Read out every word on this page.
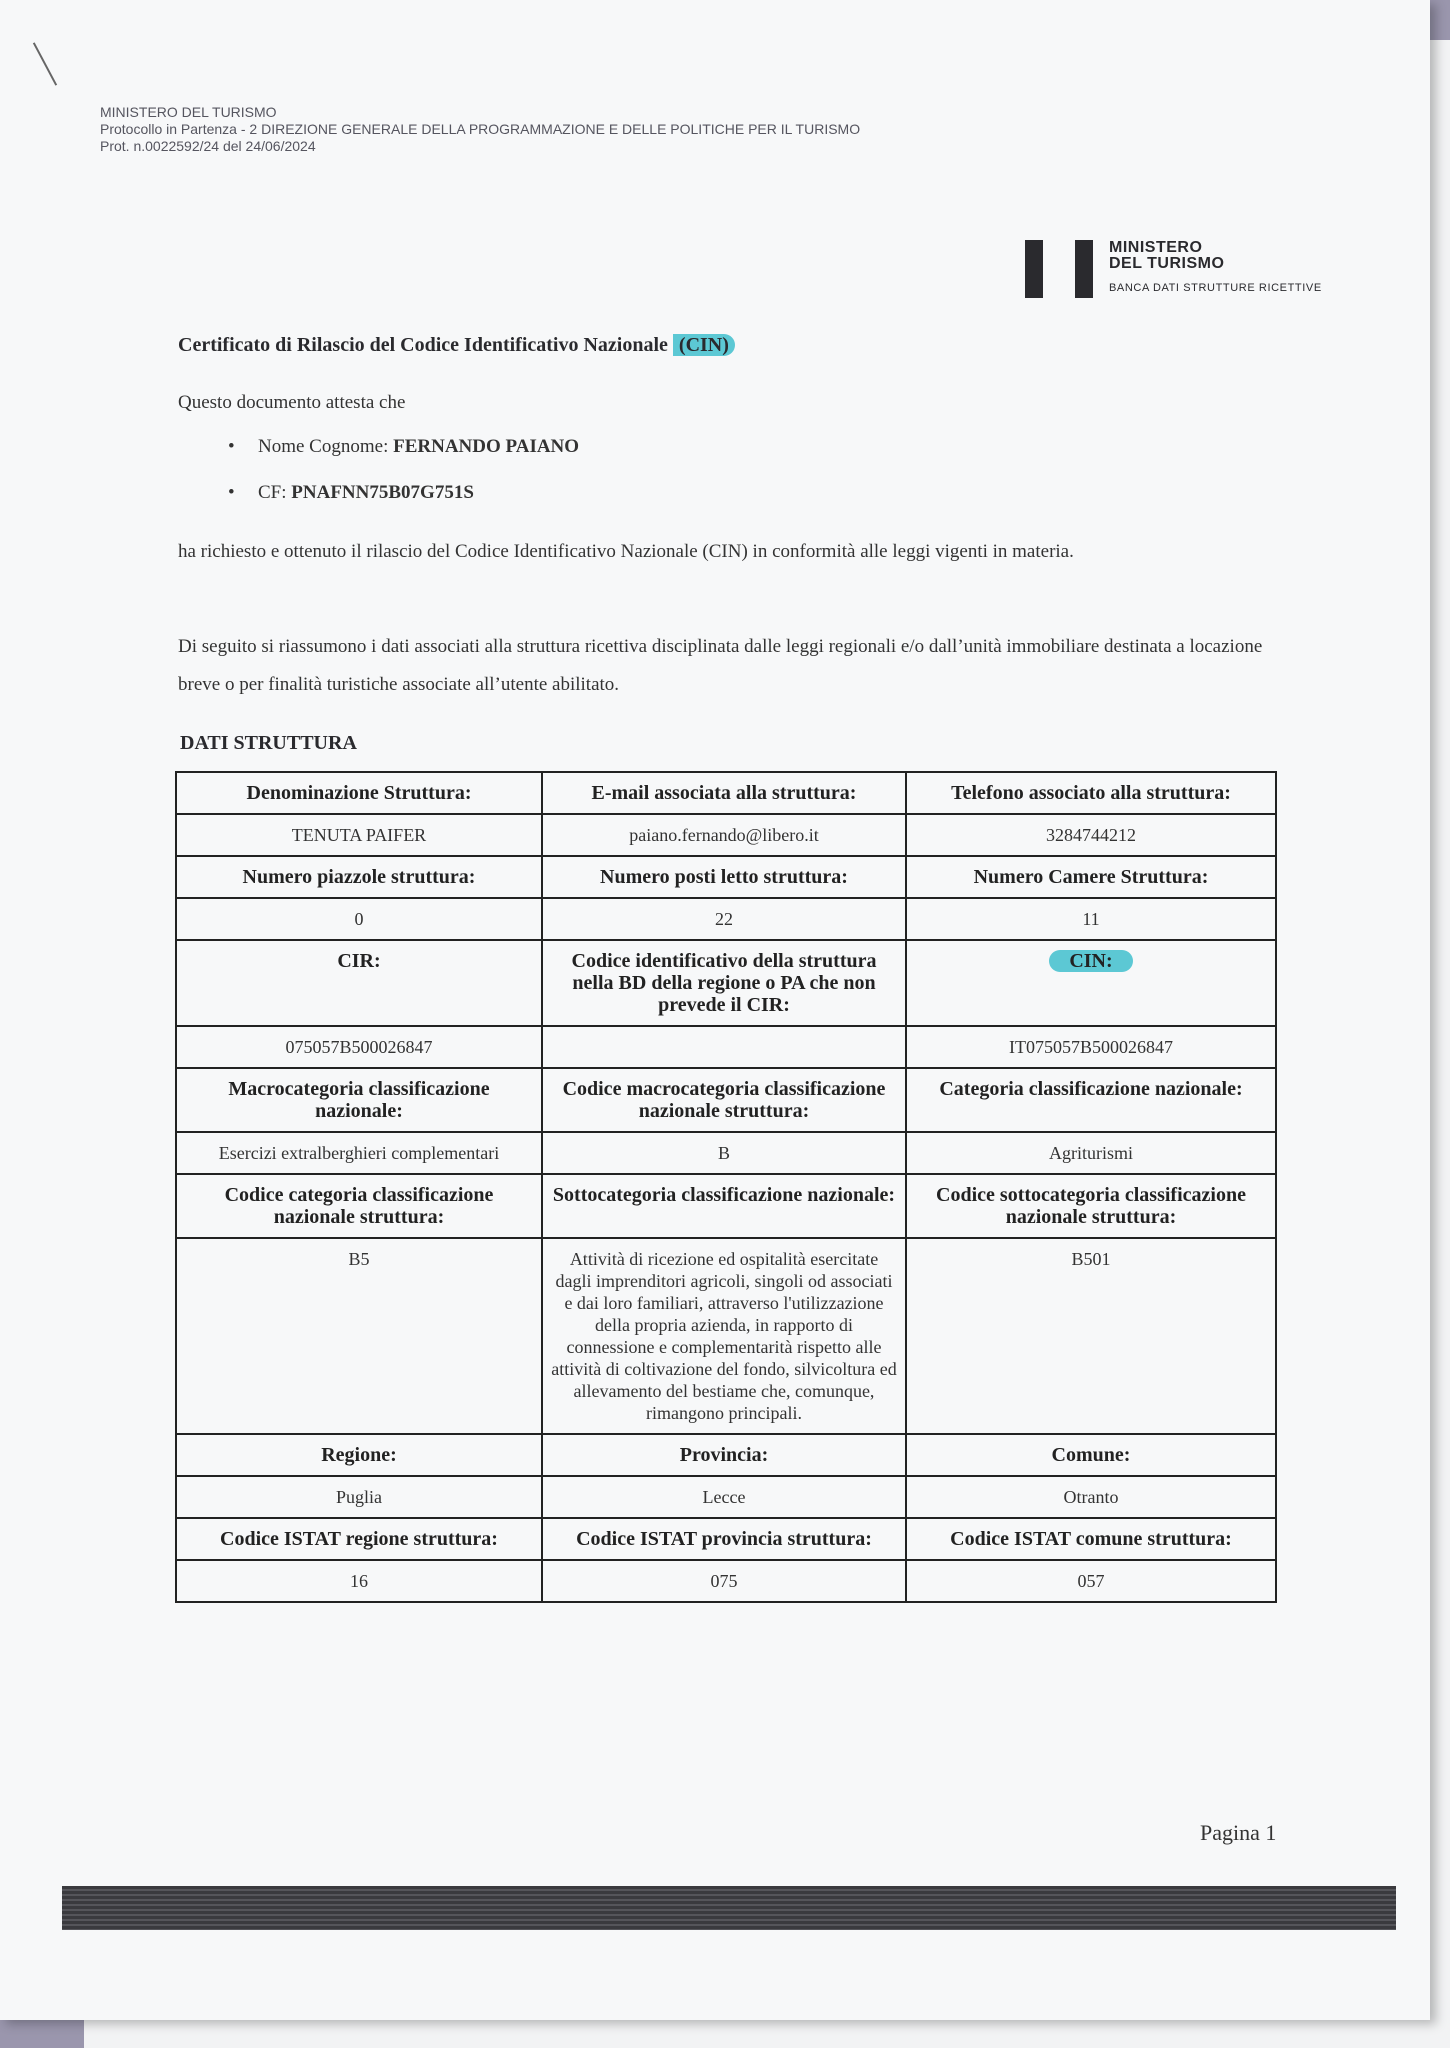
MINISTERO DEL TURISMO
Protocollo in Partenza - 2 DIREZIONE GENERALE DELLA PROGRAMMAZIONE E DELLE POLITICHE PER IL TURISMO
Prot. n.0022592/24 del 24/06/2024
MINISTERO
DEL TURISMO
BANCA DATI STRUTTURE RICETTIVE
Certificato di Rilascio del Codice Identificativo Nazionale (CIN)
Questo documento attesta che
• Nome Cognome: FERNANDO PAIANO
• CF: PNAFNN75B07G751S
ha richiesto e ottenuto il rilascio del Codice Identificativo Nazionale (CIN) in conformità alle leggi vigenti in materia.
Di seguito si riassumono i dati associati alla struttura ricettiva disciplinata dalle leggi regionali e/o dall’unità immobiliare destinata a locazione breve o per finalità turistiche associate all’utente abilitato.
DATI STRUTTURA
Denominazione Struttura:	E-mail associata alla struttura:	Telefono associato alla struttura:
TENUTA PAIFER	paiano.fernando@libero.it	3284744212
Numero piazzole struttura:	Numero posti letto struttura:	Numero Camere Struttura:
0	22	11
CIR:	Codice identificativo della struttura nella BD della regione o PA che non prevede il CIR:	CIN:
075057B500026847		IT075057B500026847
Macrocategoria classificazione nazionale:	Codice macrocategoria classificazione nazionale struttura:	Categoria classificazione nazionale:
Esercizi extralberghieri complementari	B	Agriturismi
Codice categoria classificazione nazionale struttura:	Sottocategoria classificazione nazionale:	Codice sottocategoria classificazione nazionale struttura:
B5	Attività di ricezione ed ospitalità esercitate dagli imprenditori agricoli, singoli od associati e dai loro familiari, attraverso l'utilizzazione della propria azienda, in rapporto di connessione e complementarità rispetto alle attività di coltivazione del fondo, silvicoltura ed allevamento del bestiame che, comunque, rimangono principali.	B501
Regione:	Provincia:	Comune:
Puglia	Lecce	Otranto
Codice ISTAT regione struttura:	Codice ISTAT provincia struttura:	Codice ISTAT comune struttura:
16	075	057
Pagina 1
